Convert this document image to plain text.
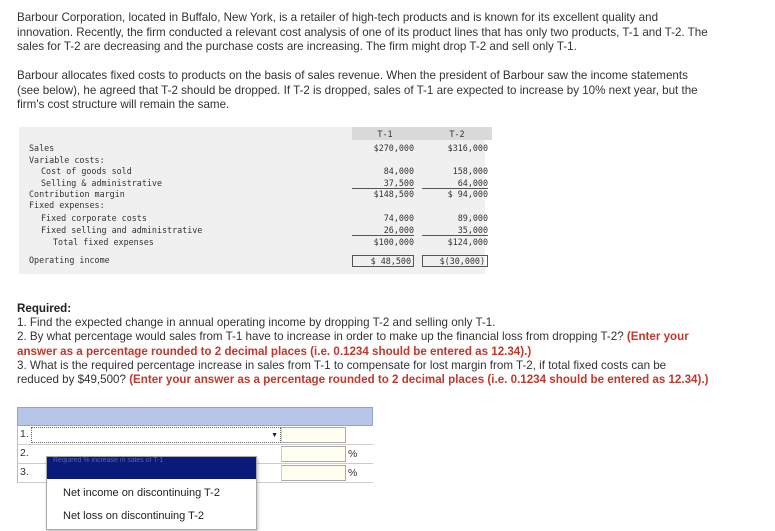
Barbour Corporation, located in Buffalo, New York, is a retailer of high-tech products and is known for its excellent quality and

innovation. Recently, the firm conducted a relevant cost analysis of one of its product lines that has only two products, T-1 and T-2. The

sales for T-2 are decreasing and the purchase costs are increasing. The firm might drop T-2 and sell only T-1.

Barbour allocates fixed costs to products on the basis of sales revenue. When the president of Barbour saw the income statements

(see below), he agreed that T-2 should be dropped. If T-2 is dropped, sales of T-1 are expected to increase by 10% next year, but the

firm's cost structure will remain the same.

T-1	T-2
Sales	$270,000	$316,000
Variable costs:
Cost of goods sold	84,000	158,000
Selling & administrative	37,500	64,000
Contribution margin	$148,500	$ 94,000
Fixed expenses:
Fixed corporate costs	74,000	89,000
Fixed selling and administrative	26,000	35,000
Total fixed expenses	$100,000	$124,000
Operating income	$ 48,500	$(30,000)

Required:

1. Find the expected change in annual operating income by dropping T-2 and selling only T-1.

2. By what percentage would sales from T-1 have to increase in order to make up the financial loss from dropping T-2? (Enter your

answer as a percentage rounded to 2 decimal places (i.e. 0.1234 should be entered as 12.34).)

3. What is the required percentage increase in sales from T-1 to compensate for lost margin from T-2, if total fixed costs can be

reduced by $49,500? (Enter your answer as a percentage rounded to 2 decimal places (i.e. 0.1234 should be entered as 12.34).)

1.	▼
2.	%
3.	%
Required % increase in sales of T-1
Net income on discontinuing T-2
Net loss on discontinuing T-2
